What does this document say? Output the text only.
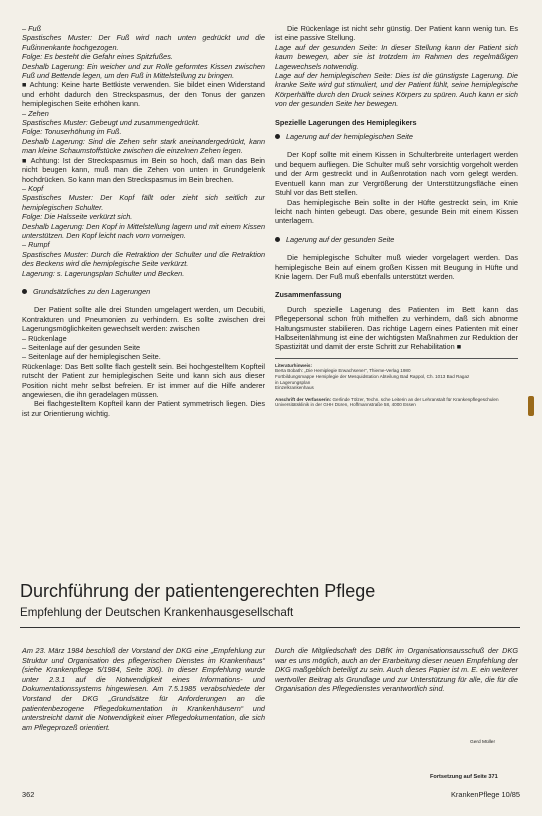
– Fuß

Spastisches Muster: Der Fuß wird nach unten gedrückt und die Fußinnenkante hochgezogen.

Folge: Es besteht die Gefahr eines Spitzfußes.

Deshalb Lagerung: Ein weicher und zur Rolle geformtes Kissen zwischen Fuß und Bettende legen, um den Fuß in Mittelstellung zu bringen.

■ Achtung: Keine harte Bettkiste verwenden. Sie bildet einen Widerstand und erhöht dadurch den Streckspasmus, der den Tonus der ganzen hemiplegischen Seite erhöhen kann.

– Zehen

Spastisches Muster: Gebeugt und zusammengedrückt.

Folge: Tonuserhöhung im Fuß.

Deshalb Lagerung: Sind die Zehen sehr stark aneinandergedrückt, kann man kleine Schaumstoffstücke zwischen die einzelnen Zehen legen.

■ Achtung: Ist der Streckspasmus im Bein so hoch, daß man das Bein nicht beugen kann, muß man die Zehen von unten in Grundgelenk hochdrücken. So kann man den Streckspasmus im Bein brechen.

– Kopf

Spastisches Muster: Der Kopf fällt oder zieht sich seitlich zur hemiplegischen Schulter.

Folge: Die Halsseite verkürzt sich.

Deshalb Lagerung: Den Kopf in Mittelstellung lagern und mit einem Kissen unterstützen. Den Kopf leicht nach vorn vorneigen.

– Rumpf

Spastisches Muster: Durch die Retraktion der Schulter und die Retraktion des Beckens wird die hemiplegische Seite verkürzt.

Lagerung: s. Lagerungsplan Schulter und Becken.

Grundsätzliches zu den Lagerungen

Der Patient sollte alle drei Stunden umgelagert werden, um Decubiti, Kontrakturen und Pneumonien zu verhindern. Es sollte zwischen drei Lagerungsmöglichkeiten gewechselt werden: zwischen

– Rückenlage

– Seitenlage auf der gesunden Seite

– Seitenlage auf der hemiplegischen Seite.

Rückenlage: Das Bett sollte flach gestellt sein. Bei hochgestelltem Kopfteil rutscht der Patient zur hemiplegischen Seite und kann sich aus dieser Position nicht mehr selbst befreien. Er ist immer auf die Hilfe anderer angewiesen, die ihn geradelagen müssen.

Bei flachgestelltem Kopfteil kann der Patient symmetrisch liegen. Dies ist zur Orientierung wichtig.

Die Rückenlage ist nicht sehr günstig. Der Patient kann wenig tun. Es ist eine passive Stellung.

Lage auf der gesunden Seite: In dieser Stellung kann der Patient sich kaum bewegen, aber sie ist trotzdem im Rahmen des regelmäßigen Lagewechsels notwendig.

Lage auf der hemiplegischen Seite: Dies ist die günstigste Lagerung. Die kranke Seite wird gut stimuliert, und der Patient fühlt, seine hemiplegische Körperhälfte durch den Druck seines Körpers zu spüren. Auch kann er sich von der gesunden Seite her bewegen.

Spezielle Lagerungen des Hemiplegikers

Lagerung auf der hemiplegischen Seite

Der Kopf sollte mit einem Kissen in Schulterbreite unterlagert werden und bequem aufliegen. Die Schulter muß sehr vorsichtig vorgeholt werden und der Arm gestreckt und in Außenrotation nach vorn gelegt werden. Eventuell kann man zur Vergrößerung der Unterstützungsfläche einen Stuhl vor das Bett stellen.

Das hemiplegische Bein sollte in der Hüfte gestreckt sein, im Knie leicht nach hinten gebeugt. Das obere, gesunde Bein mit einem Kissen unterlagern.

Lagerung auf der gesunden Seite

Die hemiplegische Schulter muß wieder vorgelagert werden. Das hemiplegische Bein auf einem großen Kissen mit Beugung in Hüfte und Knie lagern. Der Fuß muß ebenfalls unterstützt werden.

Zusammenfassung

Durch spezielle Lagerung des Patienten im Bett kann das Pflegepersonal schon früh mithelfen zu verhindern, daß sich abnorme Haltungsmuster stabilieren. Das richtige Lagern eines Patienten mit einer Halbseitenlähmung ist eine der wichtigsten Maßnahmen zur Reduktion der Spastizität und damit der erste Schritt zur Rehabilitation ■

Literaturhinweis:
Berta Bobath: „Die Hemiplegie Erwachsener“, Thieme-Verlag 1980
Fortbildungsmappe Hemiplegie der Mesquidstation Abteilung Bad Rappol, Ch. 1013 Bad Ragaz
in Lagerungsplan
Einzelkrankenhaus
Anschrift der Verfasserin: Gerlinde Tölzer, Techn. sche Leiterin an der Lehranstalt für Krankenpflegeschulen Universitätsklinik in der GHH Düren, Hoffmannstraße 58, 4000 Essen
Durchführung der patientengerechten Pflege
Empfehlung der Deutschen Krankenhausgesellschaft

Am 23. März 1984 beschloß der Vorstand der DKG eine „Empfehlung zur Struktur und Organisation des pflegerischen Dienstes im Krankenhaus“ (siehe Krankenpflege 5/1984, Seite 306). In dieser Empfehlung wurde unter 2.3.1 auf die Notwendigkeit eines Informations- und Dokumentationssystems hingewiesen. Am 7.5.1985 verabschiedete der Vorstand der DKG „Grundsätze für Anforderungen an die patientenbezogene Pflegedokumentation in Krankenhäusern“ und unterstreicht damit die Notwendigkeit einer Pflegedokumentation, die sich am Pflegeprozeß orientiert.

Durch die Mitgliedschaft des DBfK im Organisationsausschuß der DKG war es uns möglich, auch an der Erarbeitung dieser neuen Empfehlung der DKG maßgeblich beteiligt zu sein. Auch dieses Papier ist m. E. ein weiterer wertvoller Beitrag als Grundlage und zur Unterstützung für alle, die für die Organisation des Pflegedienstes verantwortlich sind.

Gerd Müller
Fortsetzung auf Seite 371
362	KrankenPflege 10/85
